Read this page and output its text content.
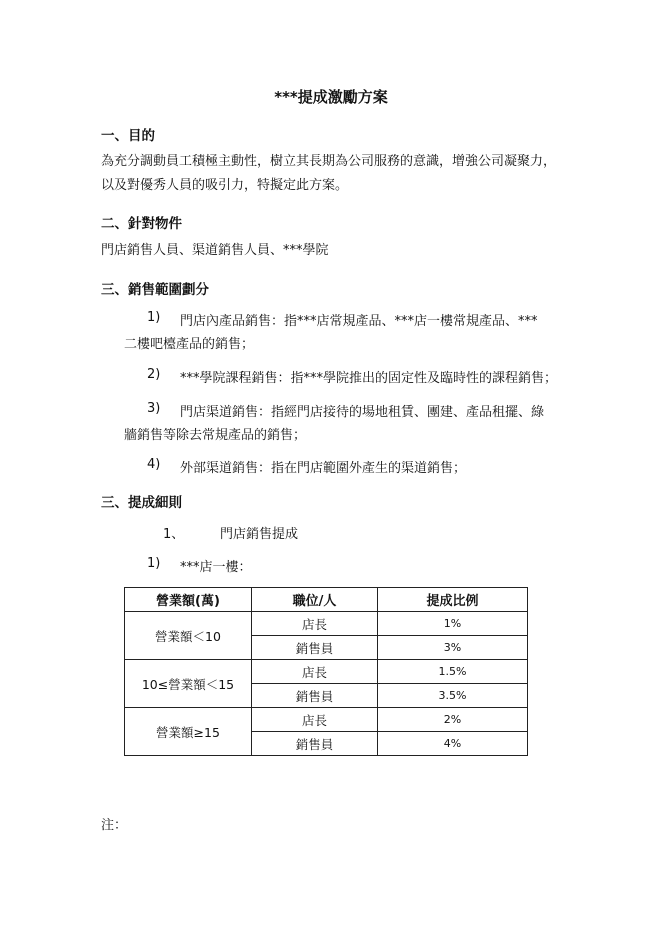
***提成激勵方案
一、目的
為充分調動員工積極主動性，樹立其長期為公司服務的意識，增強公司凝聚力，
以及對優秀人員的吸引力，特擬定此方案。
二、針對物件
門店銷售人員、渠道銷售人員、***學院
三、銷售範圍劃分
1) 門店內產品銷售：指***店常規產品、***店一樓常規產品、***
二樓吧檯產品的銷售；
2) ***學院課程銷售：指***學院推出的固定性及臨時性的課程銷售；
3) 門店渠道銷售：指經門店接待的場地租賃、團建、產品租擺、綠
牆銷售等除去常規產品的銷售；
4) 外部渠道銷售：指在門店範圍外產生的渠道銷售；
三、提成細則
1、	門店銷售提成
1) ***店一樓：
營業額(萬)	職位/人	提成比例
營業額＜10	店長	1%
	銷售員	3%
10≤營業額＜15	店長	1.5%
	銷售員	3.5%
營業額≥15	店長	2%
	銷售員	4%
注：
